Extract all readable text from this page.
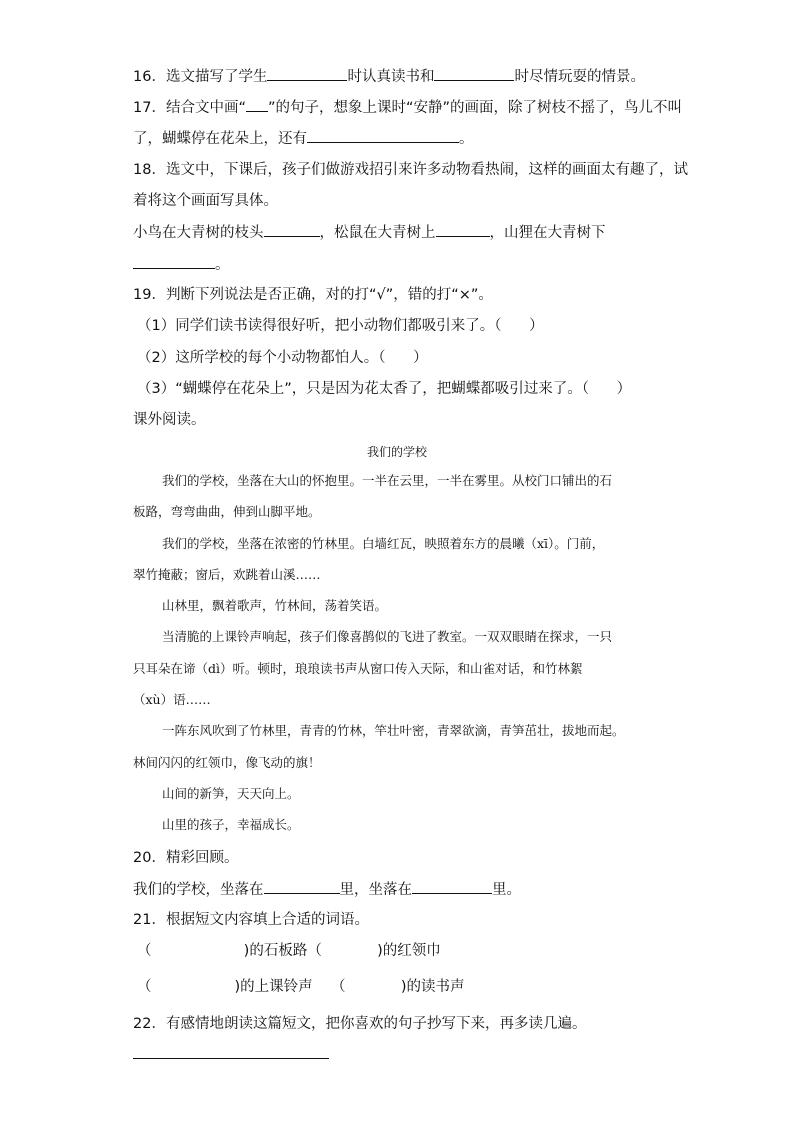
16．选文描写了学生	时认真读书和	时尽情玩耍的情景。
17．结合文中画“ ”的句子，想象上课时“安静”的画面，除了树枝不摇了，鸟儿不叫
了，蝴蝶停在花朵上，还有	。
18．选文中，下课后，孩子们做游戏招引来许多动物看热闹，这样的画面太有趣了，试
着将这个画面写具体。
小鸟在大青树的枝头	，松鼠在大青树上	，山狸在大青树下
。
19．判断下列说法是否正确，对的打“√”，错的打“×”。
（1）同学们读书读得很好听，把小动物们都吸引来了。（      ）
（2）这所学校的每个小动物都怕人。（      ）
（3）“蝴蝶停在花朵上”，只是因为花太香了，把蝴蝶都吸引过来了。（      ）
课外阅读。
我们的学校
我们的学校，坐落在大山的怀抱里。一半在云里，一半在雾里。从校门口铺出的石
板路，弯弯曲曲，伸到山脚平地。
我们的学校，坐落在浓密的竹林里。白墙红瓦，映照着东方的晨曦（xī）。门前，
翠竹掩蔽；窗后，欢跳着山溪……
山林里，飘着歌声，竹林间，荡着笑语。
当清脆的上课铃声响起，孩子们像喜鹊似的飞进了教室。一双双眼睛在探求，一只
只耳朵在谛（dì）听。顿时，琅琅读书声从窗口传入天际，和山雀对话，和竹林絮
（xù）语……
一阵东风吹到了竹林里，青青的竹林，竿壮叶密，青翠欲滴，青笋茁壮，拔地而起。
林间闪闪的红领巾，像飞动的旗！
山间的新笋，天天向上。
山里的孩子，幸福成长。
20．精彩回顾。
我们的学校，坐落在	里，坐落在	里。
21．根据短文内容填上合适的词语。
（                    )的石板路（            )的红领巾
（                  )的上课铃声    （            )的读书声
22．有感情地朗读这篇短文，把你喜欢的句子抄写下来，再多读几遍。
